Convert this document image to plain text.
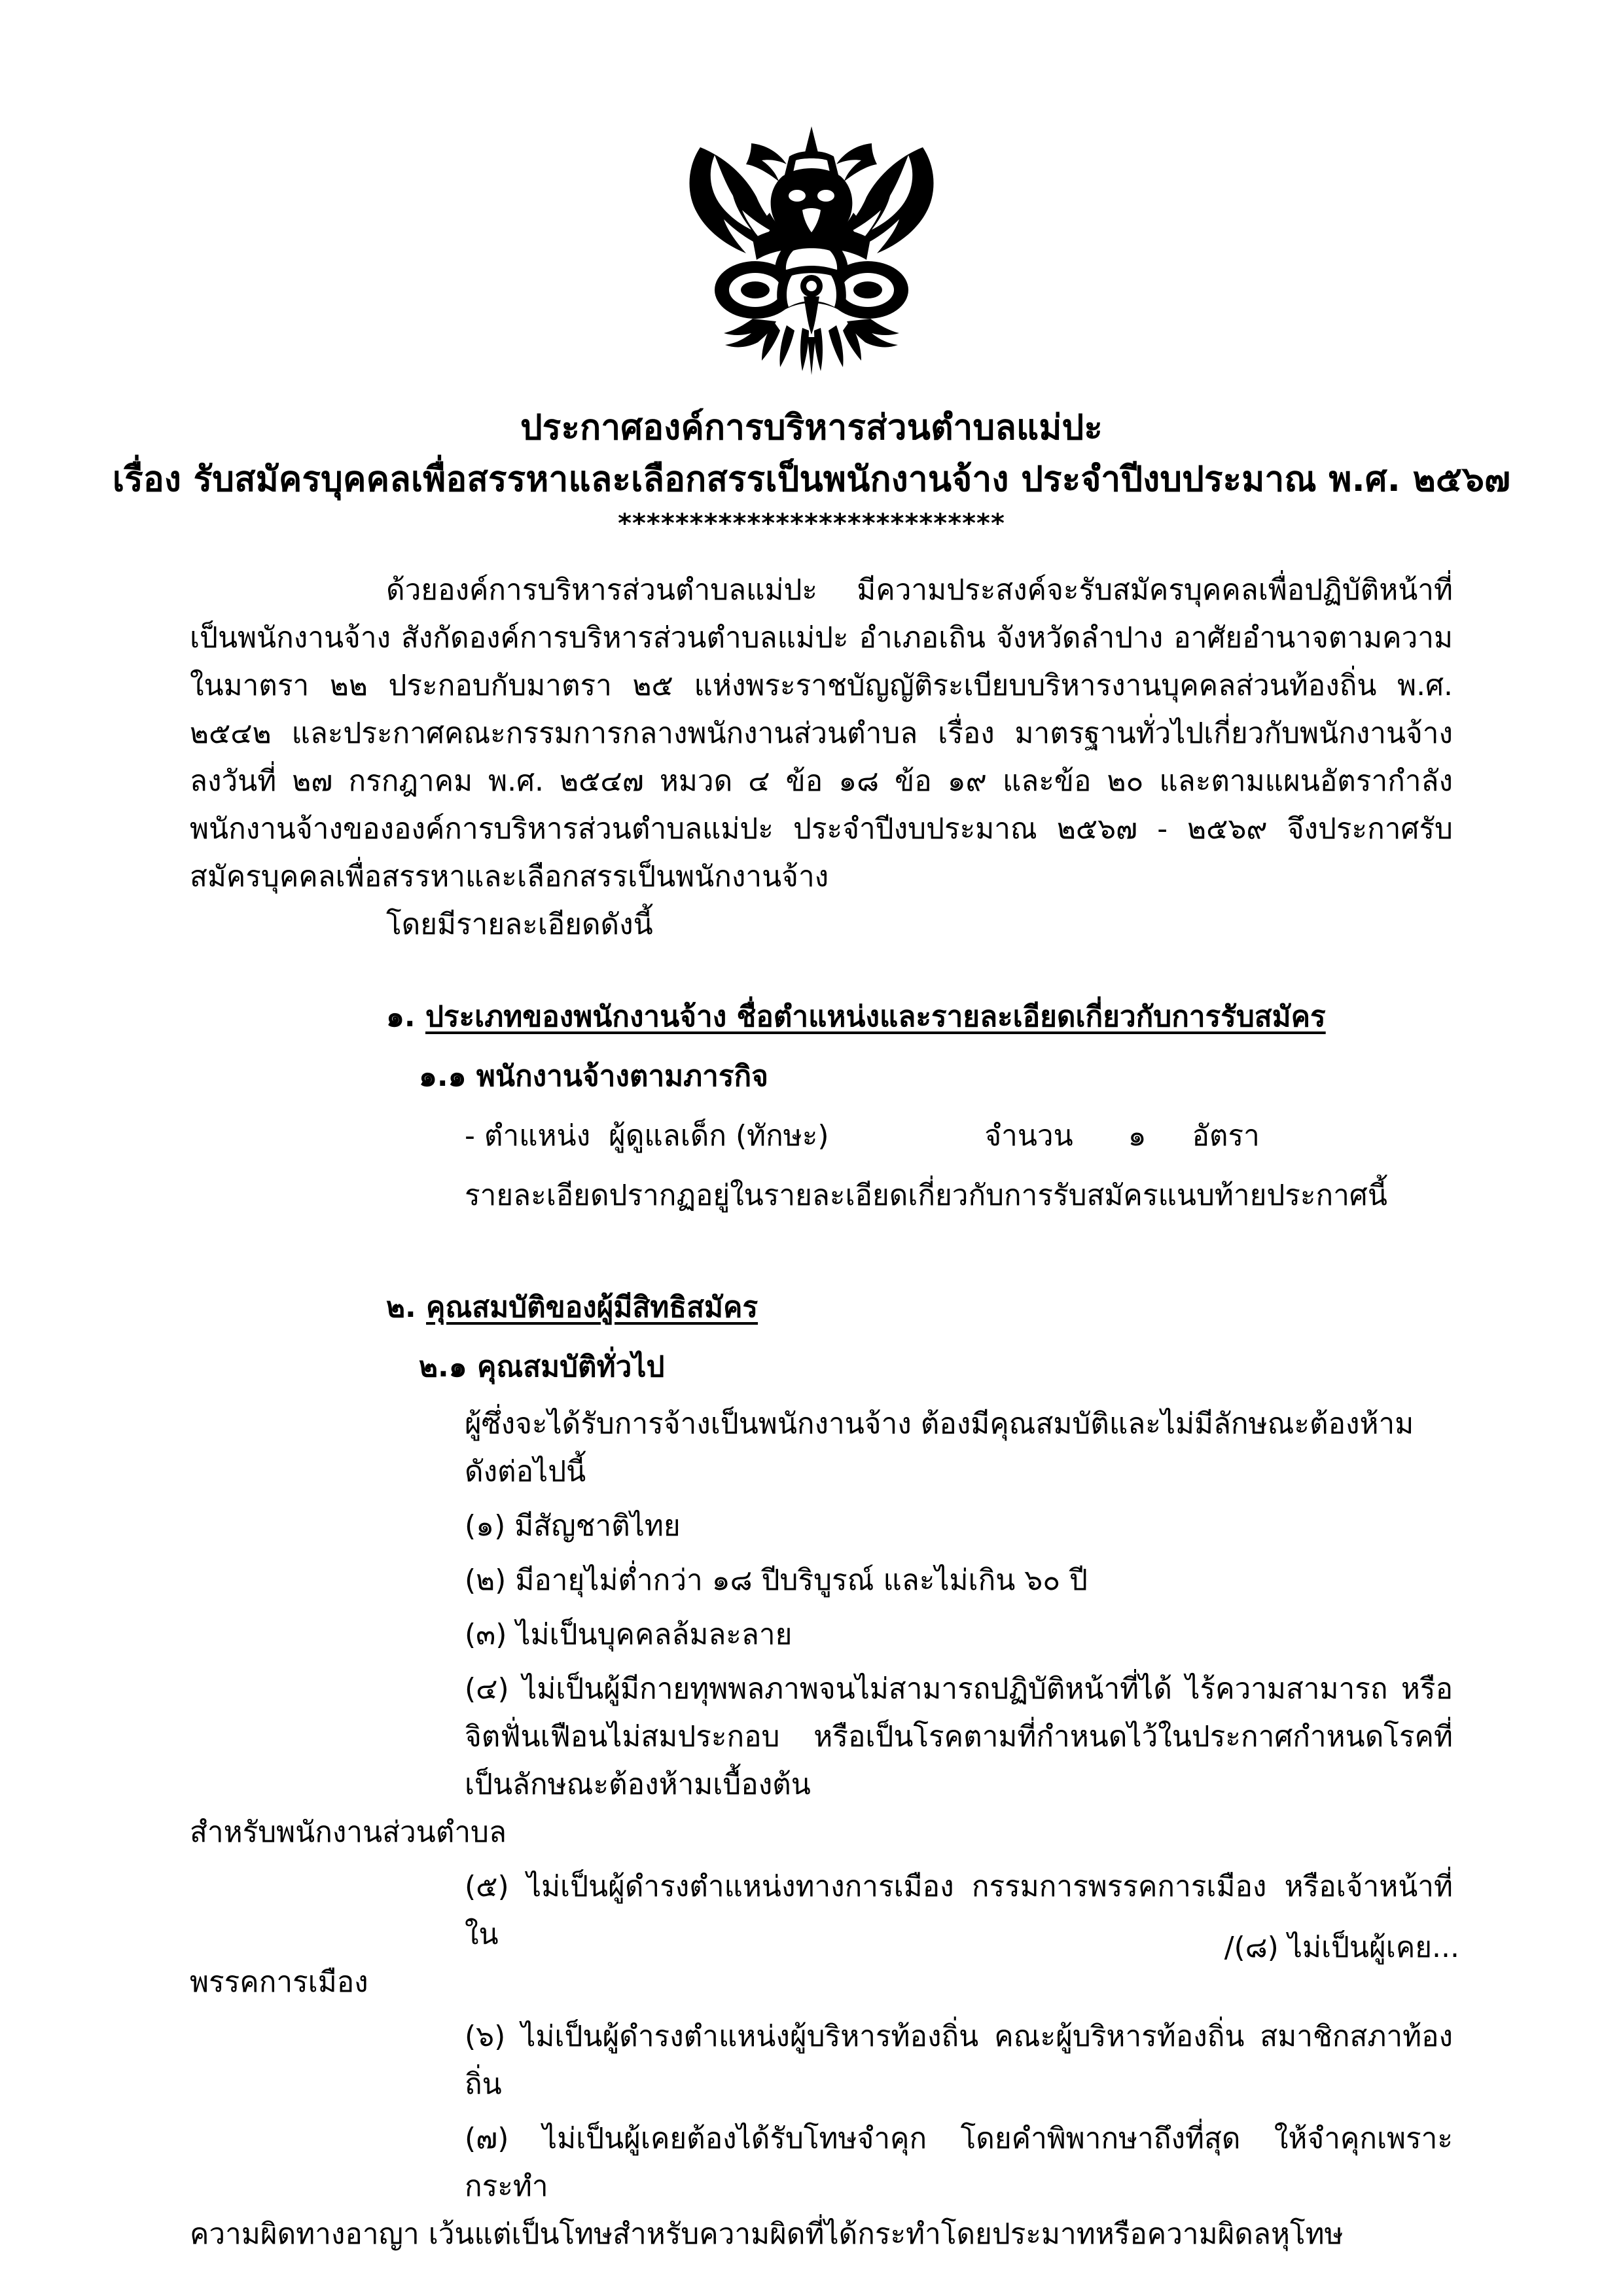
ประกาศองค์การบริหารส่วนตำบลแม่ปะ
เรื่อง รับสมัครบุคคลเพื่อสรรหาและเลือกสรรเป็นพนักงานจ้าง ประจำปีงบประมาณ พ.ศ. ๒๕๖๗
***************************
ด้วยองค์การบริหารส่วนตำบลแม่ปะ มีความประสงค์จะรับสมัครบุคคลเพื่อปฏิบัติหน้าที่เป็นพนักงานจ้าง สังกัดองค์การบริหารส่วนตำบลแม่ปะ อำเภอเถิน จังหวัดลำปาง อาศัยอำนาจตามความในมาตรา ๒๒ ประกอบกับมาตรา ๒๕ แห่งพระราชบัญญัติระเบียบบริหารงานบุคคลส่วนท้องถิ่น พ.ศ. ๒๕๔๒ และประกาศคณะกรรมการกลางพนักงานส่วนตำบล เรื่อง มาตรฐานทั่วไปเกี่ยวกับพนักงานจ้าง ลงวันที่ ๒๗ กรกฎาคม พ.ศ. ๒๕๔๗ หมวด ๔ ข้อ ๑๘ ข้อ ๑๙ และข้อ ๒๐ และตามแผนอัตรากำลังพนักงานจ้างขององค์การบริหารส่วนตำบลแม่ปะ ประจำปีงบประมาณ ๒๕๖๗ - ๒๕๖๙ จึงประกาศรับสมัครบุคคลเพื่อสรรหาและเลือกสรรเป็นพนักงานจ้าง
โดยมีรายละเอียดดังนี้
๑. ประเภทของพนักงานจ้าง ชื่อตำแหน่งและรายละเอียดเกี่ยวกับการรับสมัคร
๑.๑ พนักงานจ้างตามภารกิจ
- ตำแหน่ง  ผู้ดูแลเด็ก (ทักษะ)                 จำนวน      ๑     อัตรา
รายละเอียดปรากฏอยู่ในรายละเอียดเกี่ยวกับการรับสมัครแนบท้ายประกาศนี้
๒. คุณสมบัติของผู้มีสิทธิสมัคร
๒.๑ คุณสมบัติทั่วไป
ผู้ซึ่งจะได้รับการจ้างเป็นพนักงานจ้าง ต้องมีคุณสมบัติและไม่มีลักษณะต้องห้าม ดังต่อไปนี้
(๑) มีสัญชาติไทย
(๒) มีอายุไม่ต่ำกว่า ๑๘ ปีบริบูรณ์ และไม่เกิน ๖๐ ปี
(๓) ไม่เป็นบุคคลล้มละลาย
(๔) ไม่เป็นผู้มีกายทุพพลภาพจนไม่สามารถปฏิบัติหน้าที่ได้ ไร้ความสามารถ หรือจิตฟั่นเฟือนไม่สมประกอบ หรือเป็นโรคตามที่กำหนดไว้ในประกาศกำหนดโรคที่เป็นลักษณะต้องห้ามเบื้องต้น
สำหรับพนักงานส่วนตำบล
(๕) ไม่เป็นผู้ดำรงตำแหน่งทางการเมือง กรรมการพรรคการเมือง หรือเจ้าหน้าที่ใน
พรรคการเมือง
(๖) ไม่เป็นผู้ดำรงตำแหน่งผู้บริหารท้องถิ่น คณะผู้บริหารท้องถิ่น สมาชิกสภาท้องถิ่น
(๗) ไม่เป็นผู้เคยต้องได้รับโทษจำคุก โดยคำพิพากษาถึงที่สุด ให้จำคุกเพราะกระทำ
ความผิดทางอาญา เว้นแต่เป็นโทษสำหรับความผิดที่ได้กระทำโดยประมาทหรือความผิดลหุโทษ
/(๘) ไม่เป็นผู้เคย...
